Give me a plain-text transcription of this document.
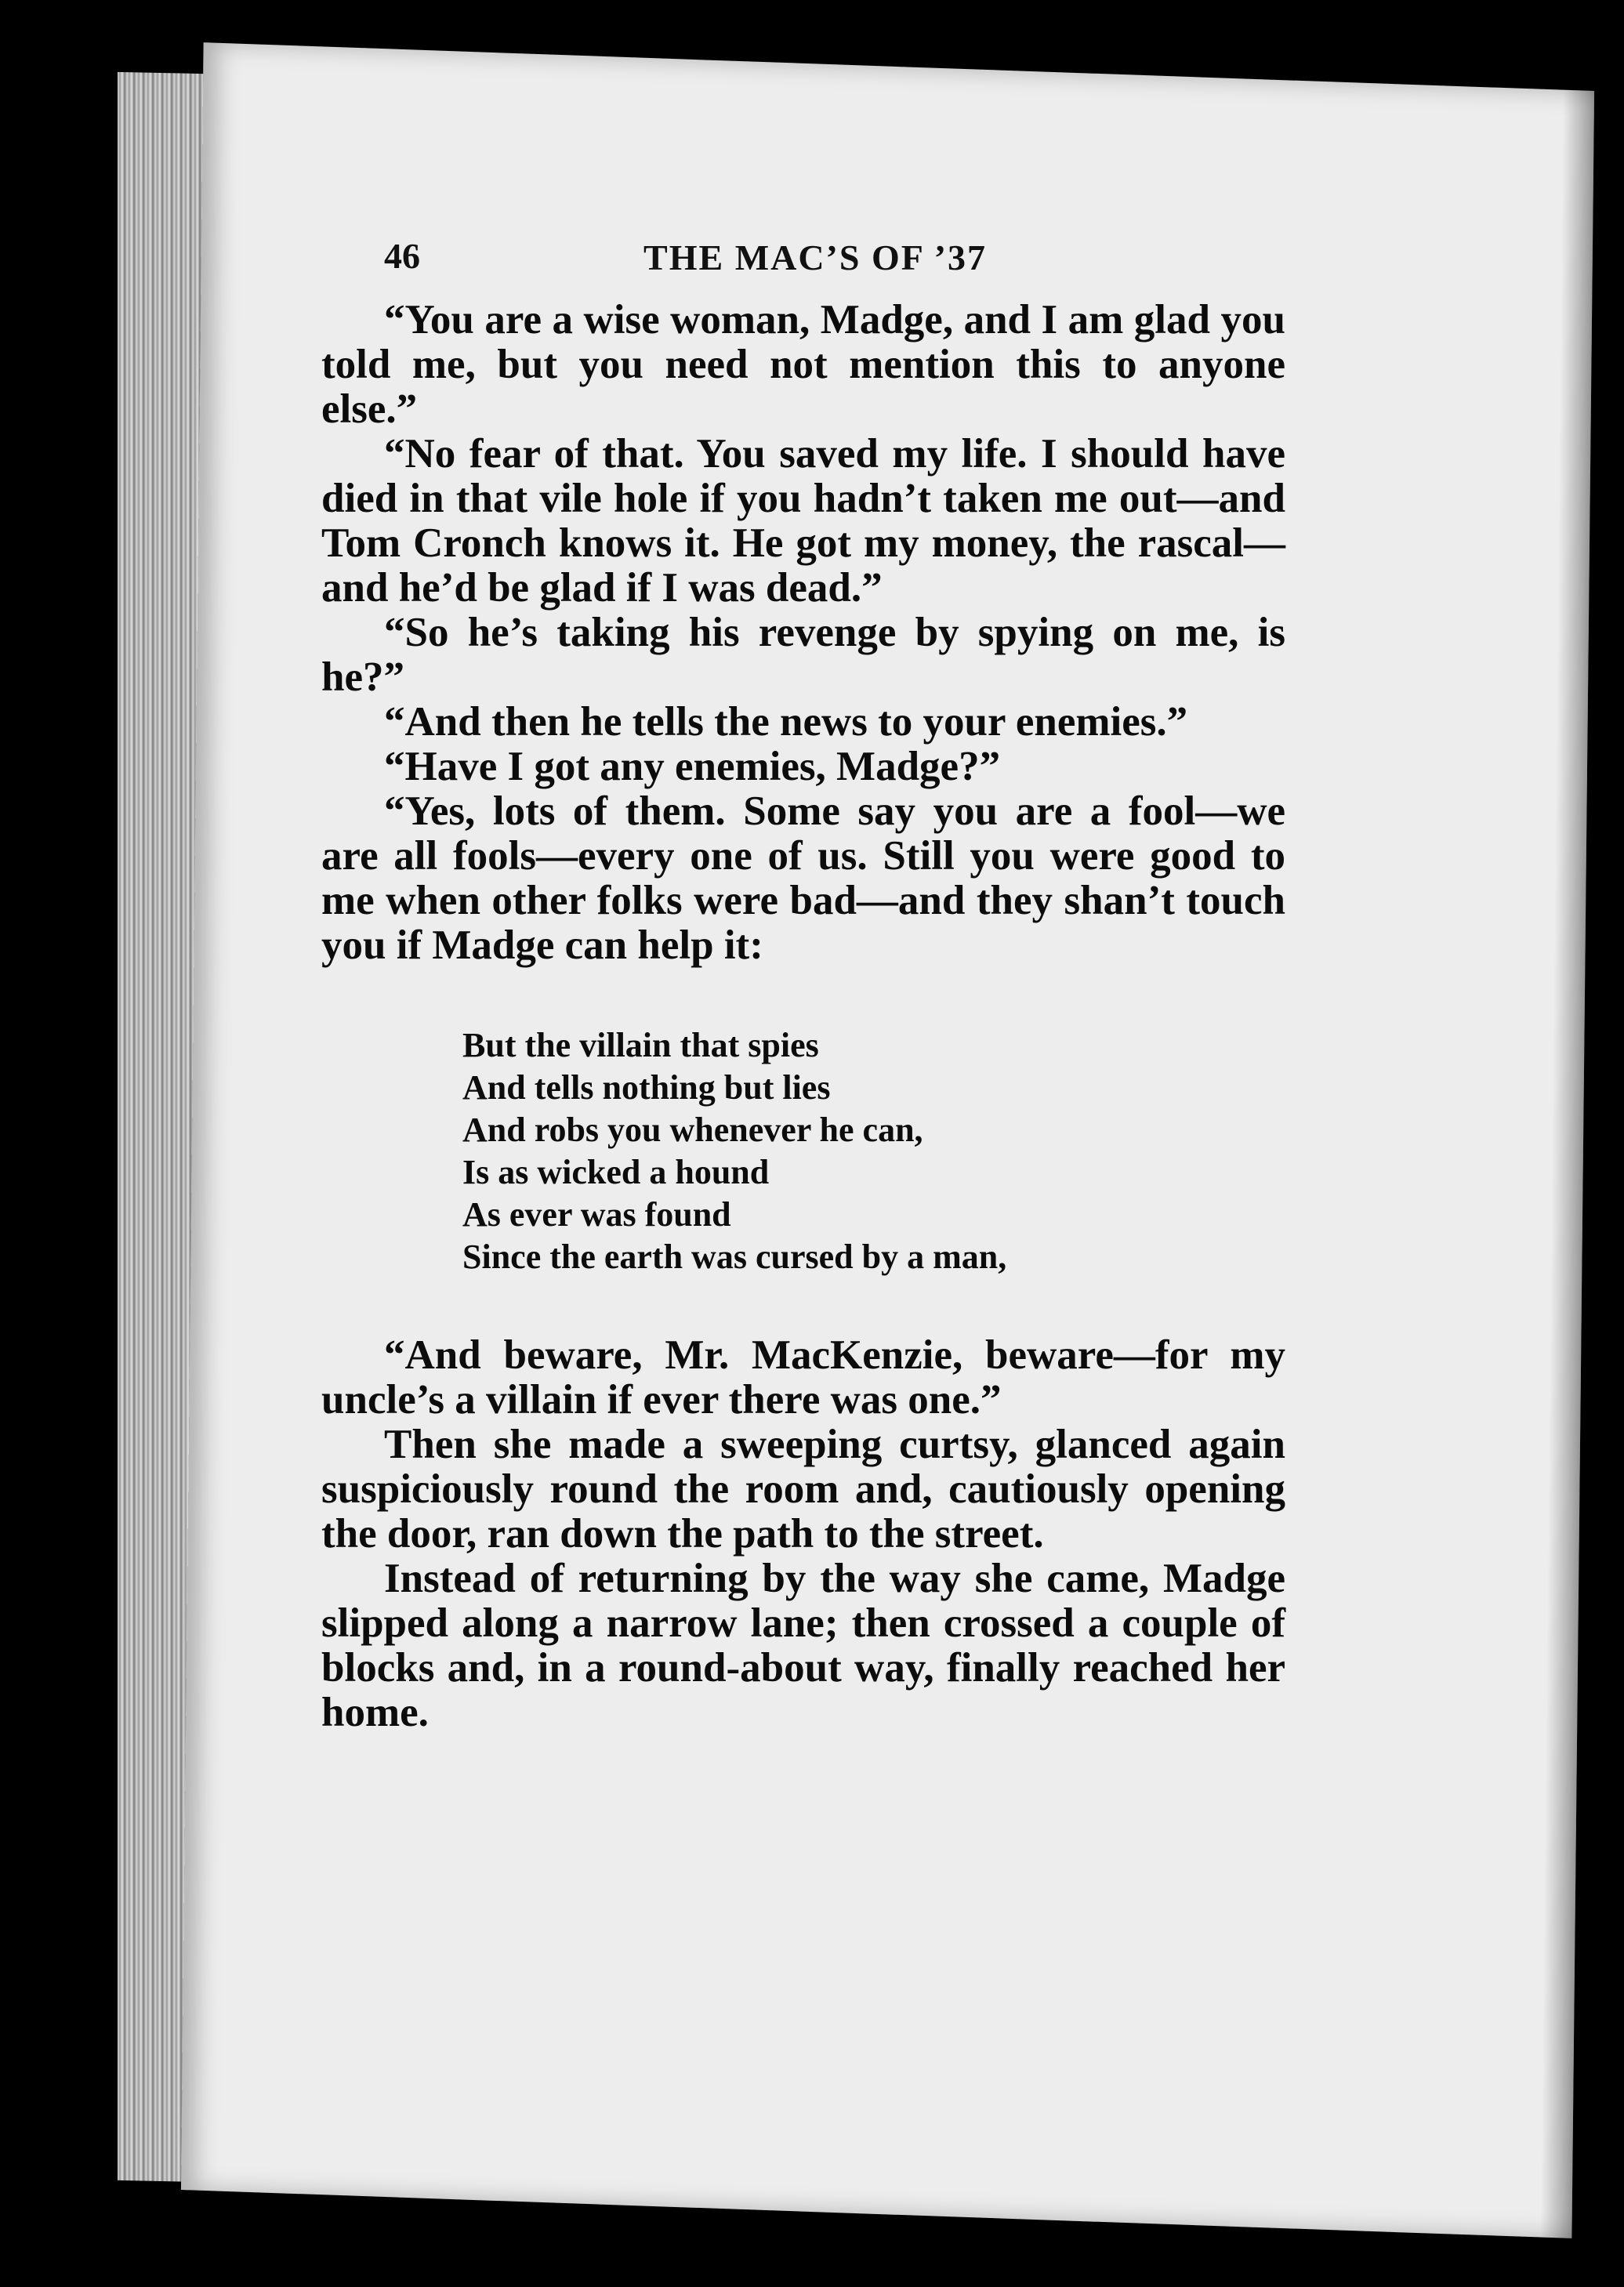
46	THE MAC’S OF ’37

“You are a wise woman, Madge, and I am glad you told me, but you need not mention this to anyone else.”

“No fear of that. You saved my life. I should have died in that vile hole if you hadn’t taken me out—and Tom Cronch knows it. He got my money, the rascal—and he’d be glad if I was dead.”

“So he’s taking his revenge by spying on me, is he?”

“And then he tells the news to your enemies.”

“Have I got any enemies, Madge?”

“Yes, lots of them. Some say you are a fool—we are all fools—every one of us. Still you were good to me when other folks were bad—and they shan’t touch you if Madge can help it:

But the villain that spies
And tells nothing but lies
And robs you whenever he can,
Is as wicked a hound
As ever was found
Since the earth was cursed by a man,

“And beware, Mr. MacKenzie, beware—for my uncle’s a villain if ever there was one.”

Then she made a sweeping curtsy, glanced again suspiciously round the room and, cautiously opening the door, ran down the path to the street.

Instead of returning by the way she came, Madge slipped along a narrow lane; then crossed a couple of blocks and, in a round-about way, finally reached her home.
